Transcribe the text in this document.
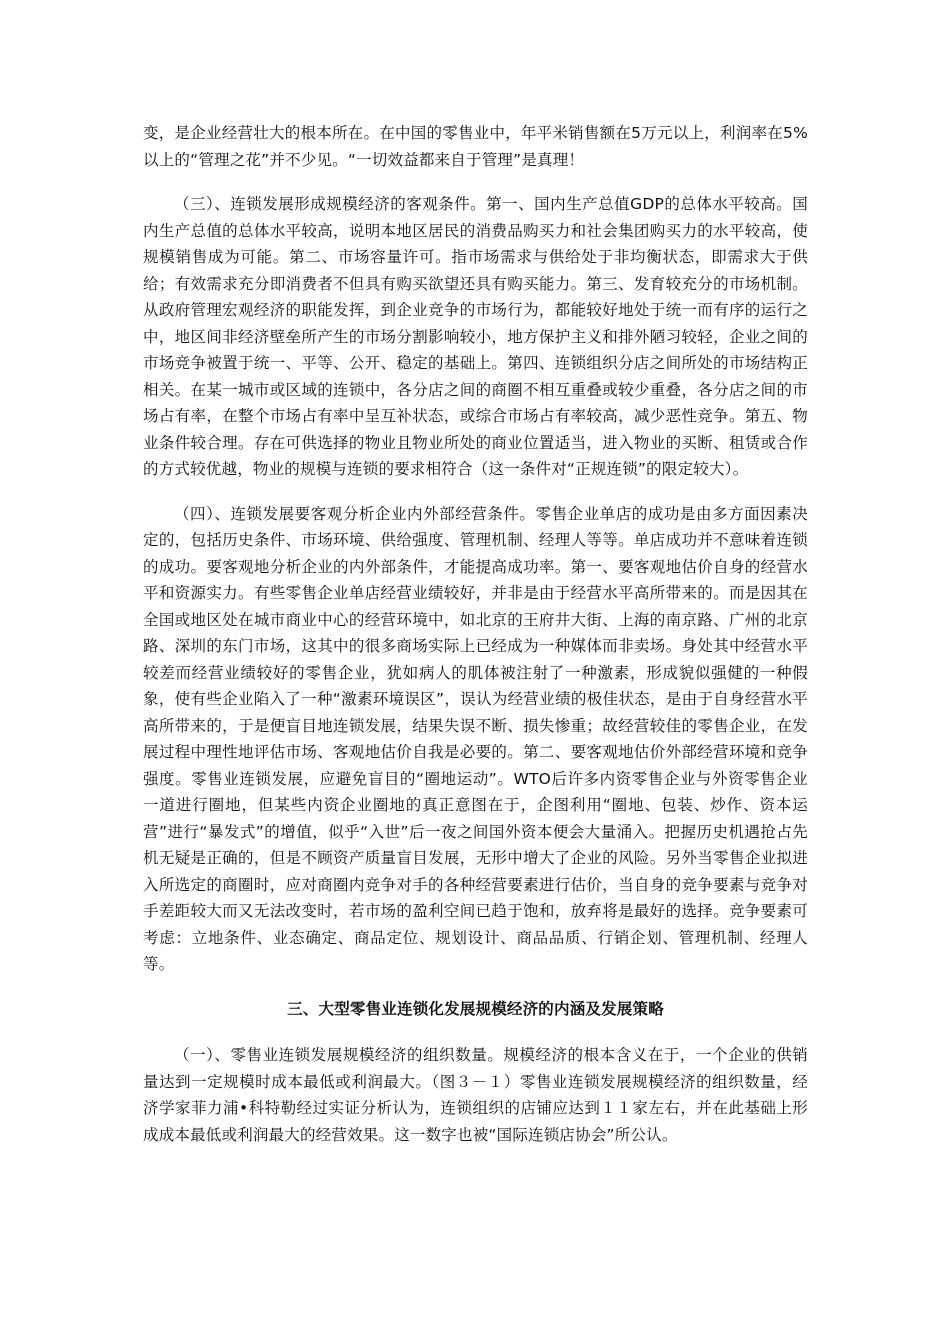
变，是企业经营壮大的根本所在。在中国的零售业中，年平米销售额在5万元以上，利润率在5%以上的“管理之花”并不少见。“一切效益都来自于管理”是真理！

（三）、连锁发展形成规模经济的客观条件。第一、国内生产总值GDP的总体水平较高。国内生产总值的总体水平较高，说明本地区居民的消费品购买力和社会集团购买力的水平较高，使规模销售成为可能。第二、市场容量许可。指市场需求与供给处于非均衡状态，即需求大于供给；有效需求充分即消费者不但具有购买欲望还具有购买能力。第三、发育较充分的市场机制。从政府管理宏观经济的职能发挥，到企业竞争的市场行为，都能较好地处于统一而有序的运行之中，地区间非经济壁垒所产生的市场分割影响较小，地方保护主义和排外陋习较轻，企业之间的市场竞争被置于统一、平等、公开、稳定的基础上。第四、连锁组织分店之间所处的市场结构正相关。在某一城市或区域的连锁中，各分店之间的商圈不相互重叠或较少重叠，各分店之间的市场占有率，在整个市场占有率中呈互补状态，或综合市场占有率较高，减少恶性竞争。第五、物业条件较合理。存在可供选择的物业且物业所处的商业位置适当，进入物业的买断、租赁或合作的方式较优越，物业的规模与连锁的要求相符合（这一条件对“正规连锁”的限定较大）。

（四）、连锁发展要客观分析企业内外部经营条件。零售企业单店的成功是由多方面因素决定的，包括历史条件、市场环境、供给强度、管理机制、经理人等等。单店成功并不意味着连锁的成功。要客观地分析企业的内外部条件，才能提高成功率。第一、要客观地估价自身的经营水平和资源实力。有些零售企业单店经营业绩较好，并非是由于经营水平高所带来的。而是因其在全国或地区处在城市商业中心的经营环境中，如北京的王府井大街、上海的南京路、广州的北京路、深圳的东门市场，这其中的很多商场实际上已经成为一种媒体而非卖场。身处其中经营水平较差而经营业绩较好的零售企业，犹如病人的肌体被注射了一种激素，形成貌似强健的一种假象，使有些企业陷入了一种“激素环境误区”，误认为经营业绩的极佳状态，是由于自身经营水平高所带来的，于是便盲目地连锁发展，结果失误不断、损失惨重；故经营较佳的零售企业，在发展过程中理性地评估市场、客观地估价自我是必要的。第二、要客观地估价外部经营环境和竞争强度。零售业连锁发展，应避免盲目的“圈地运动”。WTO后许多内资零售企业与外资零售企业一道进行圈地，但某些内资企业圈地的真正意图在于，企图利用“圈地、包装、炒作、资本运营”进行“暴发式”的增值，似乎“入世”后一夜之间国外资本便会大量涌入。把握历史机遇抢占先机无疑是正确的，但是不顾资产质量盲目发展，无形中增大了企业的风险。另外当零售企业拟进入所选定的商圈时，应对商圈内竞争对手的各种经营要素进行估价，当自身的竞争要素与竞争对手差距较大而又无法改变时，若市场的盈利空间已趋于饱和，放弃将是最好的选择。竞争要素可考虑：立地条件、业态确定、商品定位、规划设计、商品品质、行销企划、管理机制、经理人等。

三、大型零售业连锁化发展规模经济的内涵及发展策略

（一）、零售业连锁发展规模经济的组织数量。规模经济的根本含义在于，一个企业的供销量达到一定规模时成本最低或利润最大。（图３－１）零售业连锁发展规模经济的组织数量，经济学家菲力浦•科特勒经过实证分析认为，连锁组织的店铺应达到１１家左右，并在此基础上形成成本最低或利润最大的经营效果。这一数字也被“国际连锁店协会”所公认。
